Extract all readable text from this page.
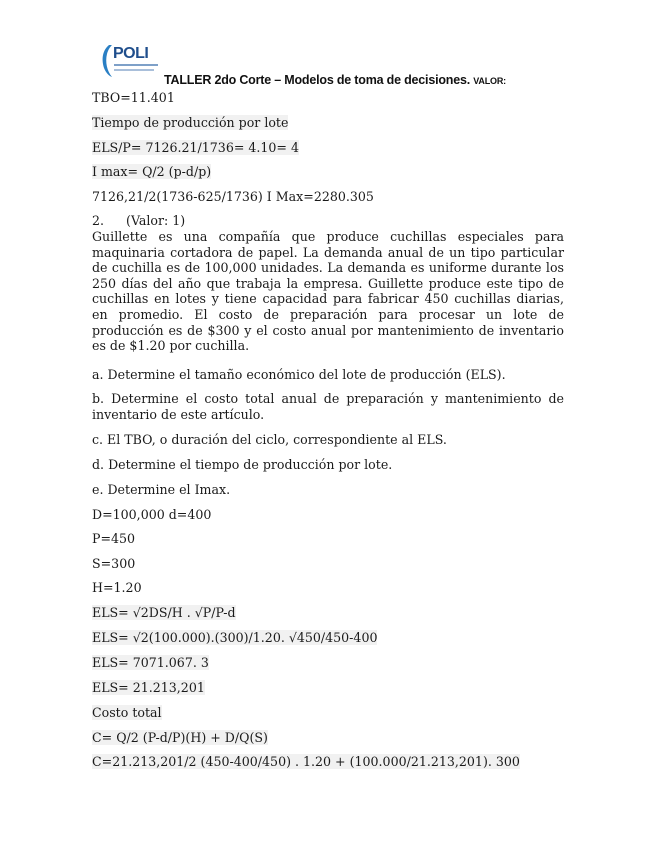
POLI
TALLER 2do Corte – Modelos de toma de decisiones. VALOR:
TBO=11.401
Tiempo de producción por lote
ELS/P= 7126.21/1736= 4.10= 4
I max= Q/2 (p-d/p)
7126,21/2(1736-625/1736) I Max=2280.305
2. (Valor: 1)
Guillette es una compañía que produce cuchillas especiales para maquinaria cortadora de papel. La demanda anual de un tipo particular de cuchilla es de 100,000 unidades. La demanda es uniforme durante los 250 días del año que trabaja la empresa. Guillette produce este tipo de cuchillas en lotes y tiene capacidad para fabricar 450 cuchillas diarias, en promedio. El costo de preparación para procesar un lote de producción es de $300 y el costo anual por mantenimiento de inventario es de $1.20 por cuchilla.
a. Determine el tamaño económico del lote de producción (ELS).
b. Determine el costo total anual de preparación y mantenimiento de inventario de este artículo.
c. El TBO, o duración del ciclo, correspondiente al ELS.
d. Determine el tiempo de producción por lote.
e. Determine el Imax.
D=100,000 d=400
P=450
S=300
H=1.20
ELS= √2DS/H . √P/P-d
ELS= √2(100.000).(300)/1.20. √450/450-400
ELS= 7071.067. 3
ELS= 21.213,201
Costo total
C= Q/2 (P-d/P)(H) + D/Q(S)
C=21.213,201/2 (450-400/450) . 1.20 + (100.000/21.213,201). 300
